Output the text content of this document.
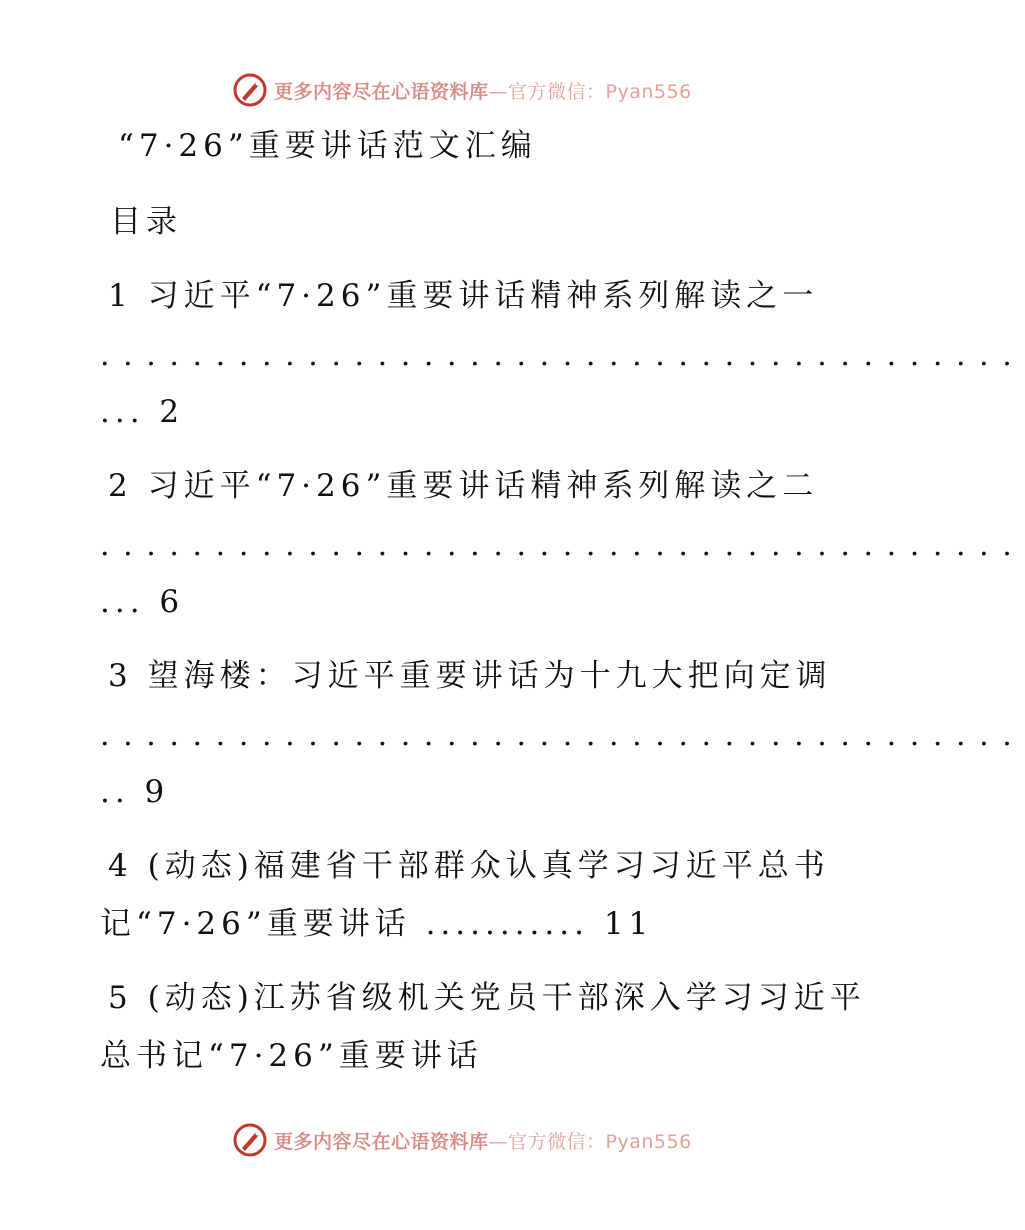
更多内容尽在心语资料库—官方微信：Pyan556
“7·26”重要讲话范文汇编
目录
1 习近平“7·26”重要讲话精神系列解读之一
........................................
... 2
2 习近平“7·26”重要讲话精神系列解读之二
........................................
... 6
3 望海楼：习近平重要讲话为十九大把向定调
........................................
.. 9
4 (动态)福建省干部群众认真学习习近平总书
记“7·26”重要讲话 ........... 11
5 (动态)江苏省级机关党员干部深入学习习近平
总书记“7·26”重要讲话
更多内容尽在心语资料库—官方微信：Pyan556
